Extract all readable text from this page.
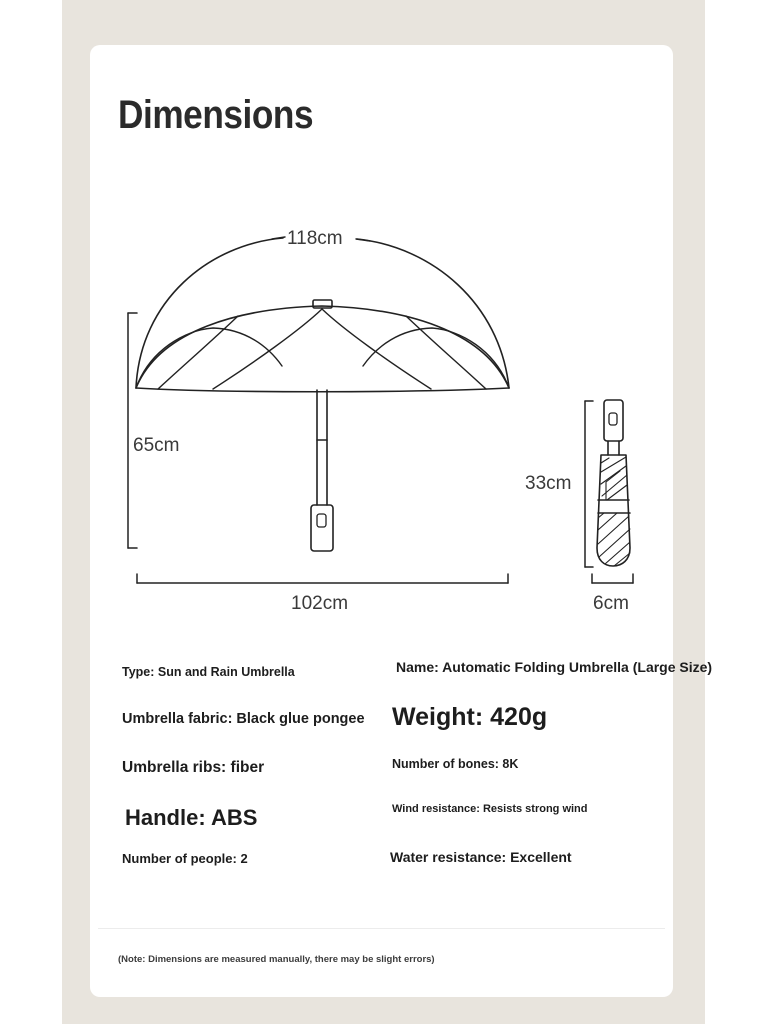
Dimensions
118cm
65cm
102cm
33cm
6cm
Type: Sun and Rain Umbrella
Umbrella fabric: Black glue pongee
Umbrella ribs: fiber
Handle: ABS
Number of people: 2
Name: Automatic Folding Umbrella (Large Size)
Weight: 420g
Number of bones: 8K
Wind resistance: Resists strong wind
Water resistance: Excellent
(Note: Dimensions are measured manually, there may be slight errors)
